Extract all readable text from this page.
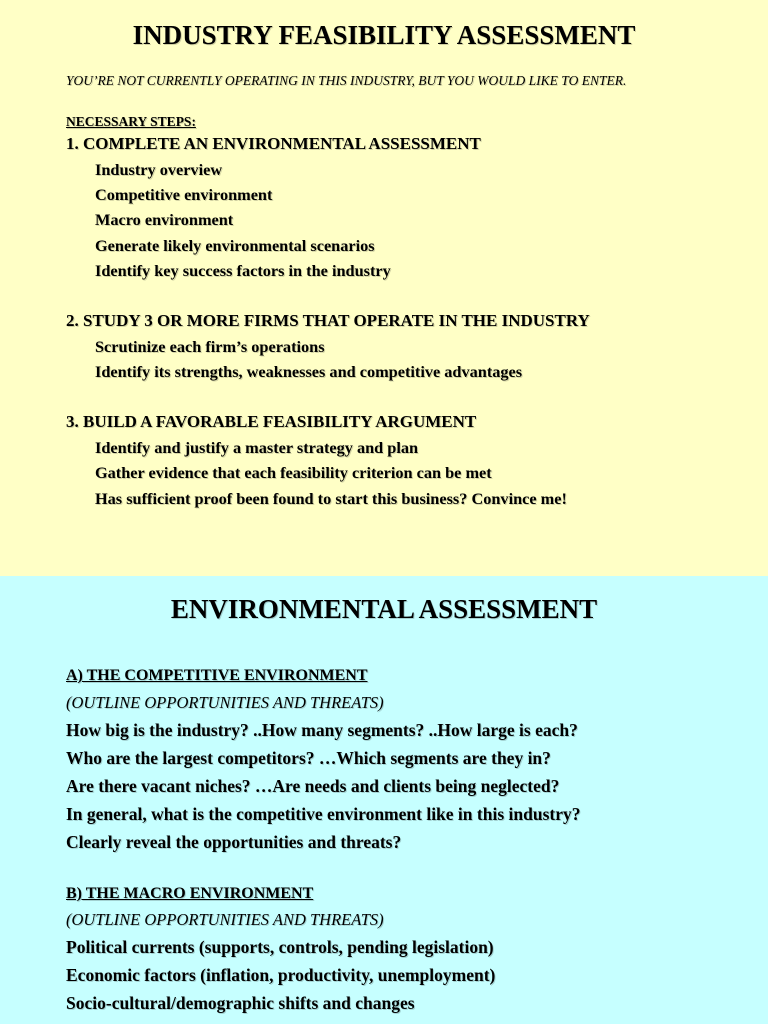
INDUSTRY FEASIBILITY ASSESSMENT

YOU’RE NOT CURRENTLY OPERATING IN THIS INDUSTRY, BUT YOU WOULD LIKE TO ENTER.

NECESSARY STEPS:

1. COMPLETE AN ENVIRONMENTAL ASSESSMENT

Industry overview

Competitive environment

Macro environment

Generate likely environmental scenarios

Identify key success factors in the industry

2. STUDY 3 OR MORE FIRMS THAT OPERATE IN THE INDUSTRY

Scrutinize each firm’s operations

Identify its strengths, weaknesses and competitive advantages

3. BUILD A FAVORABLE FEASIBILITY ARGUMENT

Identify and justify a master strategy and plan

Gather evidence that each feasibility criterion can be met

Has sufficient proof been found to start this business? Convince me!

ENVIRONMENTAL ASSESSMENT

A) THE COMPETITIVE ENVIRONMENT

(OUTLINE OPPORTUNITIES AND THREATS)

How big is the industry? ..How many segments? ..How large is each?

Who are the largest competitors? …Which segments are they in?

Are there vacant niches? …Are needs and clients being neglected?

In general, what is the competitive environment like in this industry?

Clearly reveal the opportunities and threats?

B) THE MACRO ENVIRONMENT

(OUTLINE OPPORTUNITIES AND THREATS)

Political currents (supports, controls, pending legislation)

Economic factors (inflation, productivity, unemployment)

Socio-cultural/demographic shifts and changes
